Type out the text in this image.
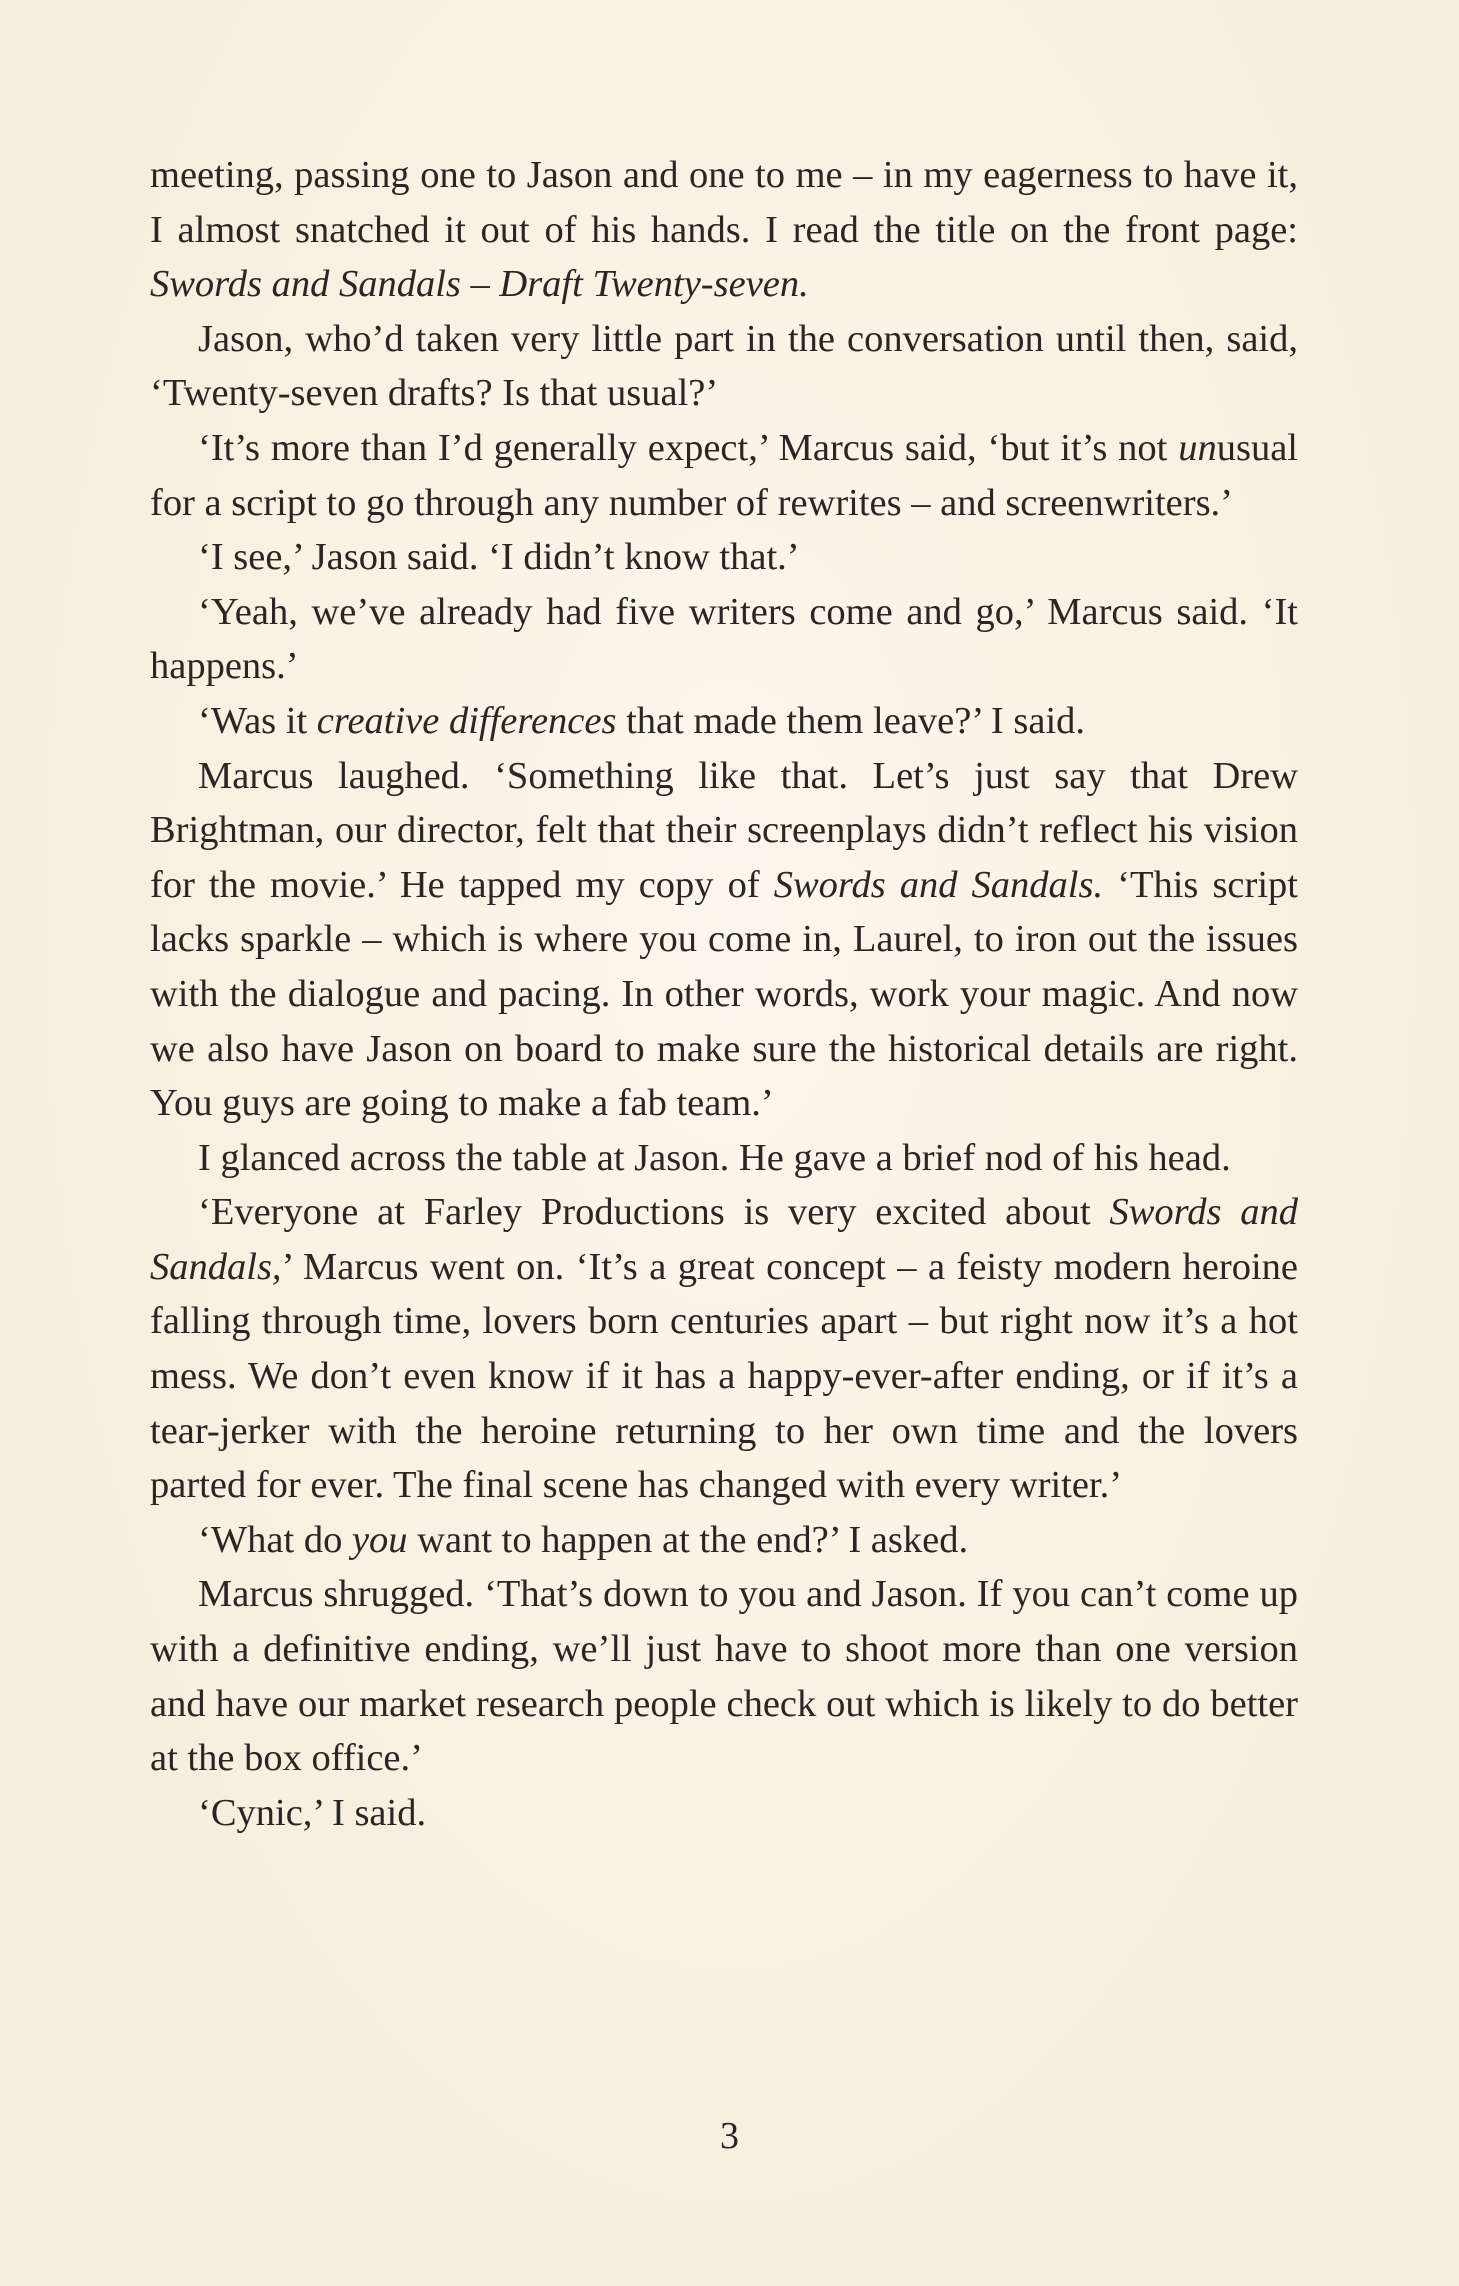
meeting, passing one to Jason and one to me – in my eagerness to have it, I almost snatched it out of his hands. I read the title on the front page: Swords and Sandals – Draft Twenty-seven.

Jason, who’d taken very little part in the conversation until then, said, ‘Twenty-seven drafts? Is that usual?’

‘It’s more than I’d generally expect,’ Marcus said, ‘but it’s not unusual for a script to go through any number of rewrites – and screenwriters.’

‘I see,’ Jason said. ‘I didn’t know that.’

‘Yeah, we’ve already had five writers come and go,’ Marcus said. ‘It happens.’

‘Was it creative differences that made them leave?’ I said.

Marcus laughed. ‘Something like that. Let’s just say that Drew Brightman, our director, felt that their screenplays didn’t reflect his vision for the movie.’ He tapped my copy of Swords and Sandals. ‘This script lacks sparkle – which is where you come in, Laurel, to iron out the issues with the dialogue and pacing. In other words, work your magic. And now we also have Jason on board to make sure the historical details are right. You guys are going to make a fab team.’

I glanced across the table at Jason. He gave a brief nod of his head.

‘Everyone at Farley Productions is very excited about Swords and Sandals,’ Marcus went on. ‘It’s a great concept – a feisty modern heroine falling through time, lovers born centuries apart – but right now it’s a hot mess. We don’t even know if it has a happy-ever-after ending, or if it’s a tear-jerker with the heroine returning to her own time and the lovers parted for ever. The final scene has changed with every writer.’

‘What do you want to happen at the end?’ I asked.

Marcus shrugged. ‘That’s down to you and Jason. If you can’t come up with a definitive ending, we’ll just have to shoot more than one version and have our market research people check out which is likely to do better at the box office.’

‘Cynic,’ I said.

3
